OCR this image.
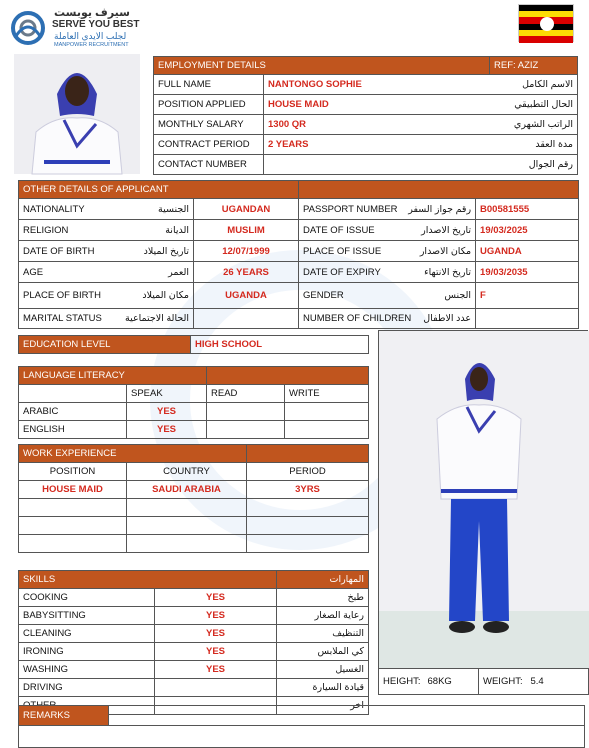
سيرف يوبست
SERVE YOU BEST
لجلب الايدي العاملة
MANPOWER RECRUITMENT
EMPLOYMENT DETAILS		REF: AZIZ
FULL NAME	NANTONGO SOPHIE	الاسم الكامل
POSITION APPLIED	HOUSE MAID	الحال التطبيقي
MONTHLY SALARY	1300 QR	الراتب الشهري
CONTRACT PERIOD	2 YEARS	مدة العقد
CONTACT NUMBER		رقم الجوال
OTHER DETAILS OF APPLICANT					
NATIONALITY	الجنسية	UGANDAN	PASSPORT NUMBER	رقم جواز السفر	B00581555
RELIGION	الديانة	MUSLIM	DATE OF ISSUE	تاريخ الاصدار	19/03/2025
DATE OF BIRTH	تاريخ الميلاد	12/07/1999	PLACE OF ISSUE	مكان الاصدار	UGANDA
AGE	العمر	26 YEARS	DATE OF EXPIRY	تاريخ الانتهاء	19/03/2035
PLACE OF BIRTH	مكان الميلاد	UGANDA	GENDER	الجنس	F
MARITAL STATUS	الحالة الاجتماعية		NUMBER OF CHILDREN	عدد الاطفال	
EDUCATION LEVEL	HIGH SCHOOL
LANGUAGE LITERACY			
	SPEAK	READ	WRITE
ARABIC	YES		
ENGLISH	YES		
WORK EXPERIENCE		
POSITION	COUNTRY	PERIOD
HOUSE MAID	SAUDI ARABIA	3YRS

SKILLS		المهارات
COOKING	YES	طبخ
BABYSITTING	YES	رعاية الصغار
CLEANING	YES	التنظيف
IRONING	YES	كي الملابس
WASHING	YES	الغسيل
DRIVING		قيادة السيارة
		اخر
HEIGHT:	68KG	WEIGHT:	5.4
REMARKS	
